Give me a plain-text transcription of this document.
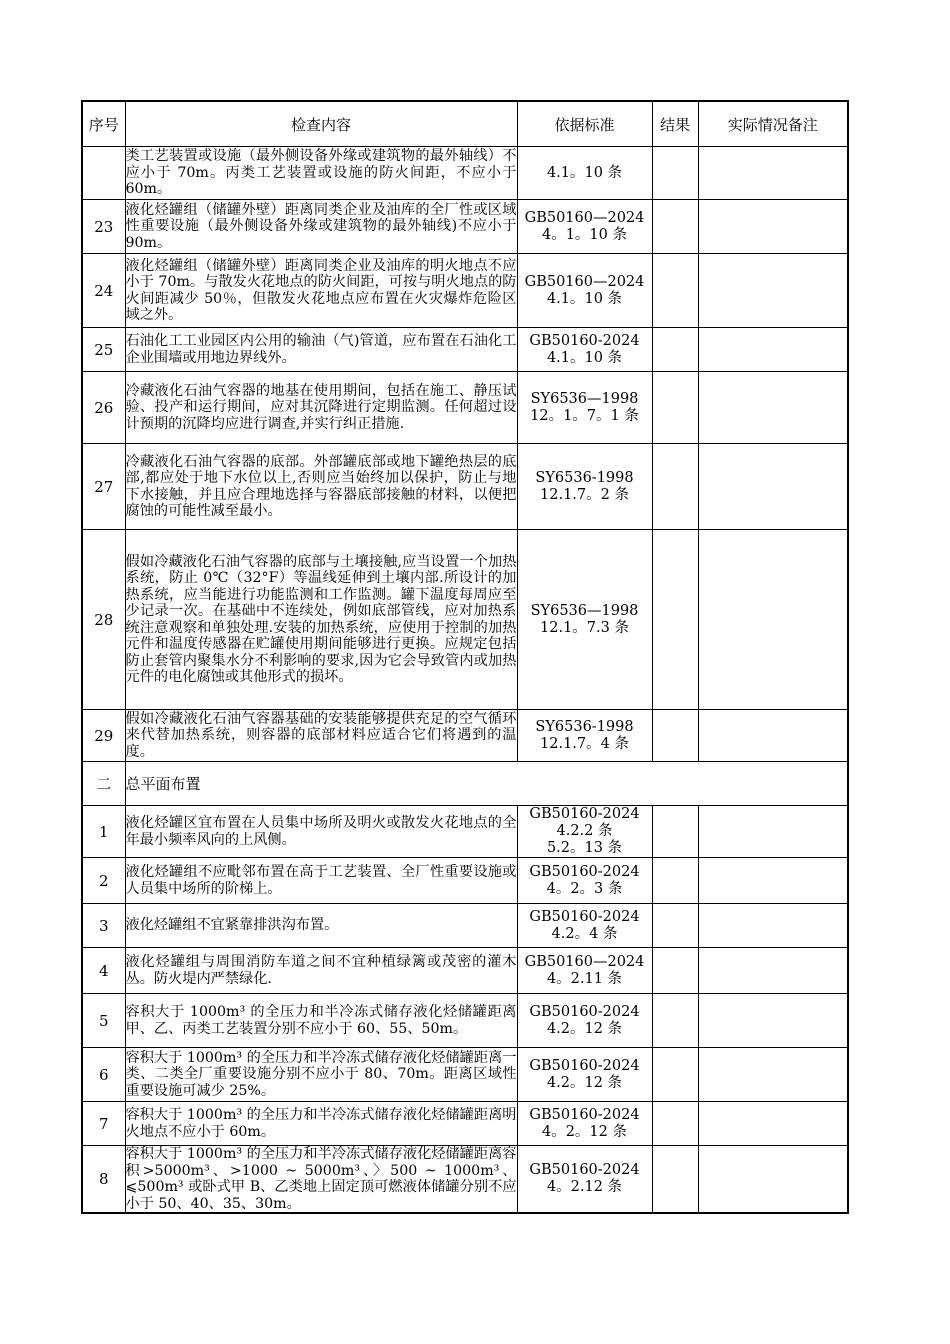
序号	检查内容	依据标准	结果	实际情况备注
	类工艺装置或设施（最外侧设备外缘或建筑物的最外轴线）不应小于 70m。丙类工艺装置或设施的防火间距，不应小于 60m。	4.1。10 条		

23	液化烃罐组（储罐外壁）距离同类企业及油库的全厂性或区域性重要设施（最外侧设备外缘或建筑物的最外轴线)不应小于 90m。	GB50160—2024
4。1。10 条		

24	液化烃罐组（储罐外壁）距离同类企业及油库的明火地点不应小于 70m。与散发火花地点的防火间距，可按与明火地点的防火间距减少 50％，但散发火花地点应布置在火灾爆炸危险区域之外。	GB50160—2024
4.1。10 条		

25	石油化工工业园区内公用的输油（气)管道，应布置在石油化工企业围墙或用地边界线外。	GB50160-2024
4.1。10 条		

26	冷藏液化石油气容器的地基在使用期间，包括在施工、静压试验、投产和运行期间，应对其沉降进行定期监测。任何超过设计预期的沉降均应进行调查,并实行纠正措施.	SY6536—1998
12。1。7。1 条		

27	冷藏液化石油气容器的底部。外部罐底部或地下罐绝热层的底部,都应处于地下水位以上,否则应当始终加以保护，防止与地下水接触，并且应合理地选择与容器底部接触的材料，以便把腐蚀的可能性减至最小。	SY6536-1998
12.1.7。2 条		

28	假如冷藏液化石油气容器的底部与土壤接触,应当设置一个加热系统，防止 0℃（32°F）等温线延伸到土壤内部.所设计的加热系统，应当能进行功能监测和工作监测。罐下温度每周应至少记录一次。在基础中不连续处，例如底部管线，应对加热系统注意观察和单独处理.安装的加热系统，应使用于控制的加热元件和温度传感器在贮罐使用期间能够进行更换。应规定包括防止套管内聚集水分不利影响的要求,因为它会导致管内或加热元件的电化腐蚀或其他形式的损坏。	SY6536—1998
12.1。7.3 条		

29	假如冷藏液化石油气容器基础的安装能够提供充足的空气循环来代替加热系统，则容器的底部材料应适合它们将遇到的温度。	SY6536-1998
12.1.7。4 条		

二	总平面布置			
1	液化烃罐区宜布置在人员集中场所及明火或散发火花地点的全年最小频率风向的上风侧。	GB50160-2024
4.2.2 条
5.2。13 条		

2	液化烃罐组不应毗邻布置在高于工艺装置、全厂性重要设施或人员集中场所的阶梯上。	GB50160-2024
4。2。3 条		

3	液化烃罐组不宜紧靠排洪沟布置。	GB50160-2024
4.2。4 条		

4	液化烃罐组与周围消防车道之间不宜种植绿篱或茂密的灌木丛。防火堤内严禁绿化.	GB50160—2024
4。2.11 条		

5	容积大于 1000m³ 的全压力和半冷冻式储存液化烃储罐距离甲、乙、丙类工艺装置分别不应小于 60、55、50m。	GB50160-2024
4.2。12 条		

6	容积大于 1000m³ 的全压力和半冷冻式储存液化烃储罐距离一类、二类全厂重要设施分别不应小于 80、70m。距离区域性重要设施可减少 25%。	GB50160-2024
4.2。12 条		

7	容积大于 1000m³ 的全压力和半冷冻式储存液化烃储罐距离明火地点不应小于 60m。	GB50160-2024
4。2。12 条		

8	容积大于 1000m³ 的全压力和半冷冻式储存液化烃储罐距离容积>5000m³、>1000 ~ 5000m³、〉500 ~ 1000m³、⩽500m³ 或卧式甲 B、乙类地上固定顶可燃液体储罐分别不应小于 50、40、35、30m。	GB50160-2024
4。2.12 条		
